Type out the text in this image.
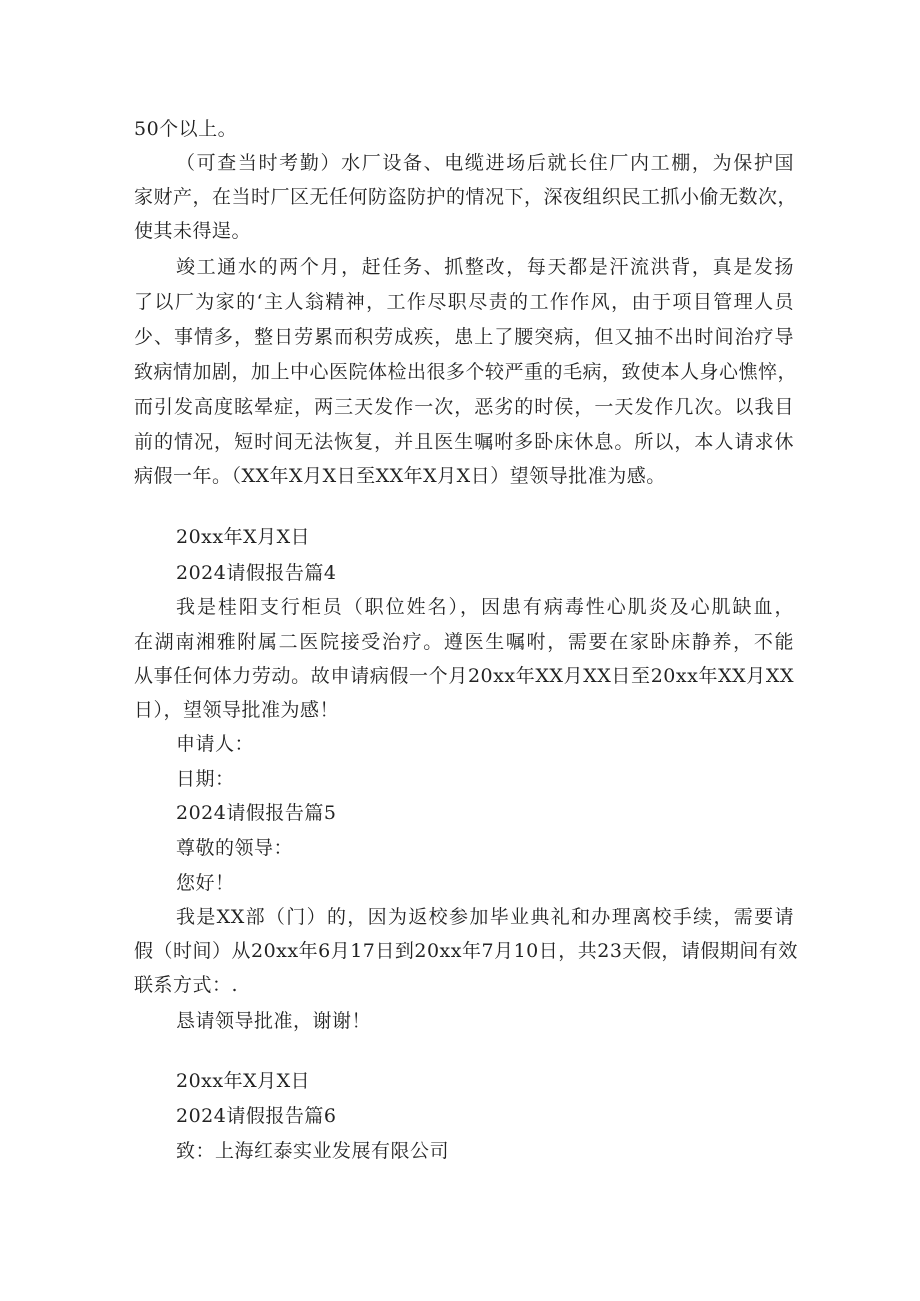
50个以上。
（可查当时考勤）水厂设备、电缆进场后就长住厂内工棚，为保护国
家财产，在当时厂区无任何防盗防护的情况下，深夜组织民工抓小偷无数次，
使其未得逞。
竣工通水的两个月，赶任务、抓整改，每天都是汗流洪背，真是发扬
了以厂为家的‘主人翁精神，工作尽职尽责的工作作风，由于项目管理人员
少、事情多，整日劳累而积劳成疾，患上了腰突病，但又抽不出时间治疗导
致病情加剧，加上中心医院体检出很多个较严重的毛病，致使本人身心憔悴，
而引发高度眩晕症，两三天发作一次，恶劣的时侯，一天发作几次。以我目
前的情况，短时间无法恢复，并且医生嘱咐多卧床休息。所以，本人请求休
病假一年。（XX年X月X日至XX年X月X日）望领导批准为感。
20xx年X月X日
2024请假报告篇4
我是桂阳支行柜员（职位姓名），因患有病毒性心肌炎及心肌缺血，
在湖南湘雅附属二医院接受治疗。遵医生嘱咐，需要在家卧床静养，不能
从事任何体力劳动。故申请病假一个月20xx年XX月XX日至20xx年XX月XX
日），望领导批准为感！
申请人：
日期：
2024请假报告篇5
尊敬的领导：
您好！
我是XX部（门）的，因为返校参加毕业典礼和办理离校手续，需要请
假（时间）从20xx年6月17日到20xx年7月10日，共23天假，请假期间有效
联系方式：.
恳请领导批准，谢谢！
20xx年X月X日
2024请假报告篇6
致：上海红泰实业发展有限公司
